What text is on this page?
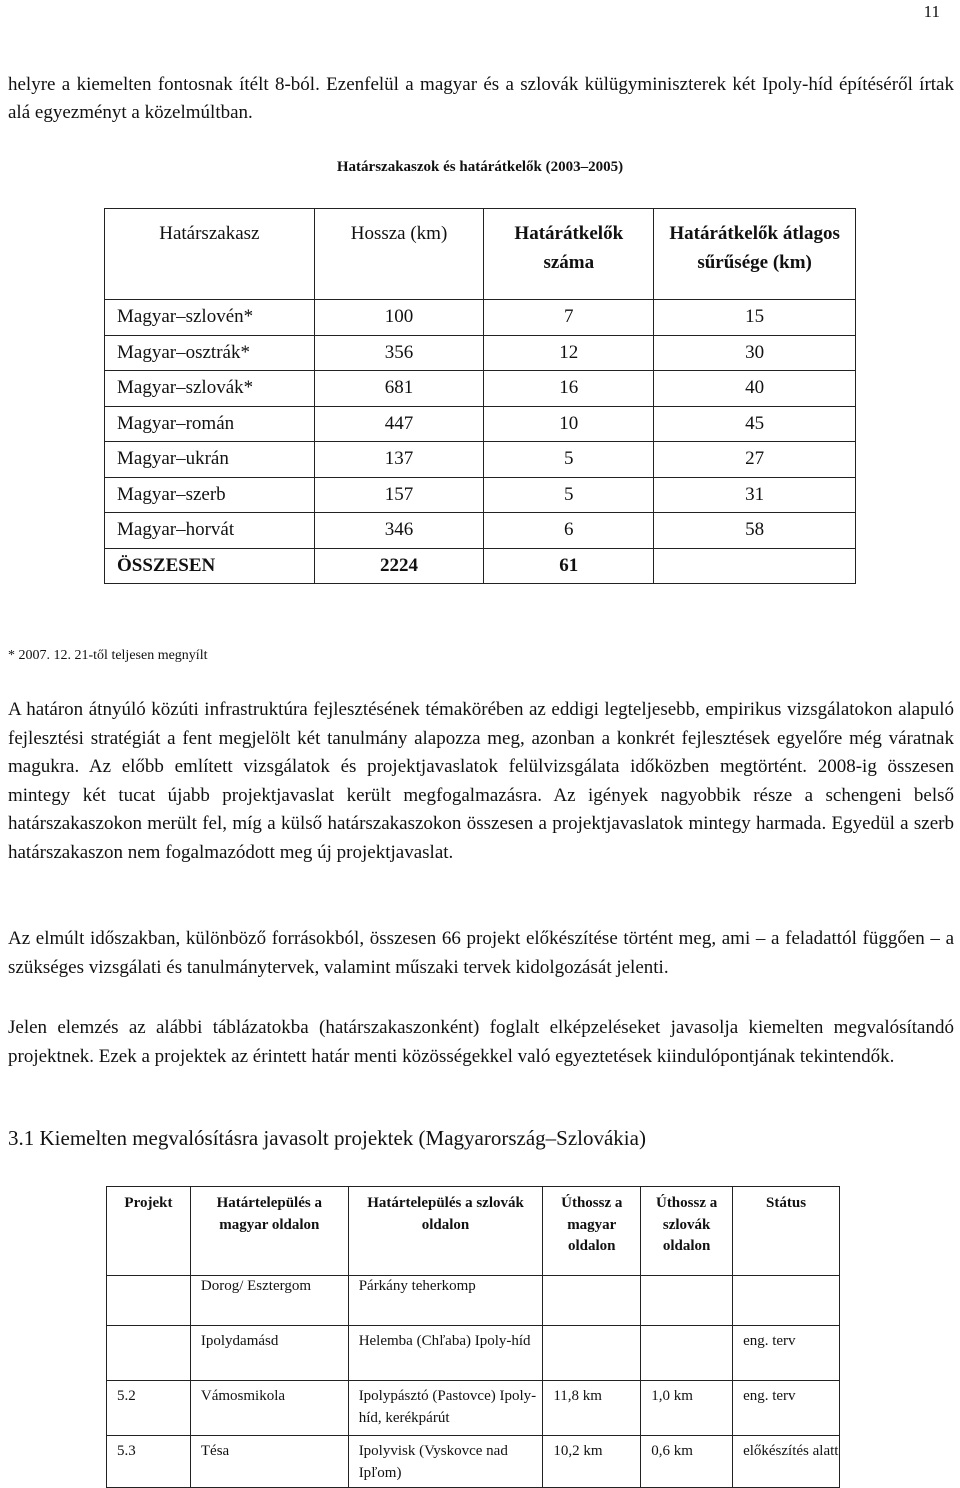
11

helyre a kiemelten fontosnak ítélt 8-ból. Ezenfelül a magyar és a szlovák külügyminiszterek két Ipoly-híd építéséről írtak alá egyezményt a közelmúltban.

Határszakaszok és határátkelők (2003–2005)
Határszakasz	Hossza (km)	Határátkelők száma	Határátkelők átlagos sűrűsége (km)
Magyar–szlovén*	100	7	15
Magyar–osztrák*	356	12	30
Magyar–szlovák*	681	16	40
Magyar–román	447	10	45
Magyar–ukrán	137	5	27
Magyar–szerb	157	5	31
Magyar–horvát	346	6	58
ÖSSZESEN	2224	61	
* 2007. 12. 21-től teljesen megnyílt

A határon átnyúló közúti infrastruktúra fejlesztésének témakörében az eddigi legteljesebb, empirikus vizsgálatokon alapuló fejlesztési stratégiát a fent megjelölt két tanulmány alapozza meg, azonban a konkrét fejlesztések egyelőre még váratnak magukra. Az előbb említett vizsgálatok és projektjavaslatok felülvizsgálata időközben megtörtént. 2008-ig összesen mintegy két tucat újabb projektjavaslat került megfogalmazásra. Az igények nagyobbik része a schengeni belső határszakaszokon merült fel, míg a külső határszakaszokon összesen a projektjavaslatok mintegy harmada. Egyedül a szerb határszakaszon nem fogalmazódott meg új projektjavaslat.

Az elmúlt időszakban, különböző forrásokból, összesen 66 projekt előkészítése történt meg, ami – a feladattól függően – a szükséges vizsgálati és tanulmánytervek, valamint műszaki tervek kidolgozását jelenti.

Jelen elemzés az alábbi táblázatokba (határszakaszonként) foglalt elképzeléseket javasolja kiemelten megvalósítandó projektnek. Ezek a projektek az érintett határ menti közösségekkel való egyeztetések kiindulópontjának tekintendők.

3.1 Kiemelten megvalósításra javasolt projektek (Magyarország–Szlovákia)
Projekt	Határtelepülés a magyar oldalon	Határtelepülés a szlovák oldalon	Úthossz a magyar oldalon	Úthossz a szlovák oldalon	Státus
	Dorog/ Esztergom	Párkány teherkomp			
	Ipolydamásd	Helemba (Chľaba) Ipoly-híd			eng. terv
5.2	Vámosmikola	Ipolypásztó (Pastovce) Ipoly-híd, kerékpárút	11,8 km	1,0 km	eng. terv
5.3	Tésa	Ipolyvisk (Vyskovce nad Ipľom)	10,2 km	0,6 km	előkészítés alatt
